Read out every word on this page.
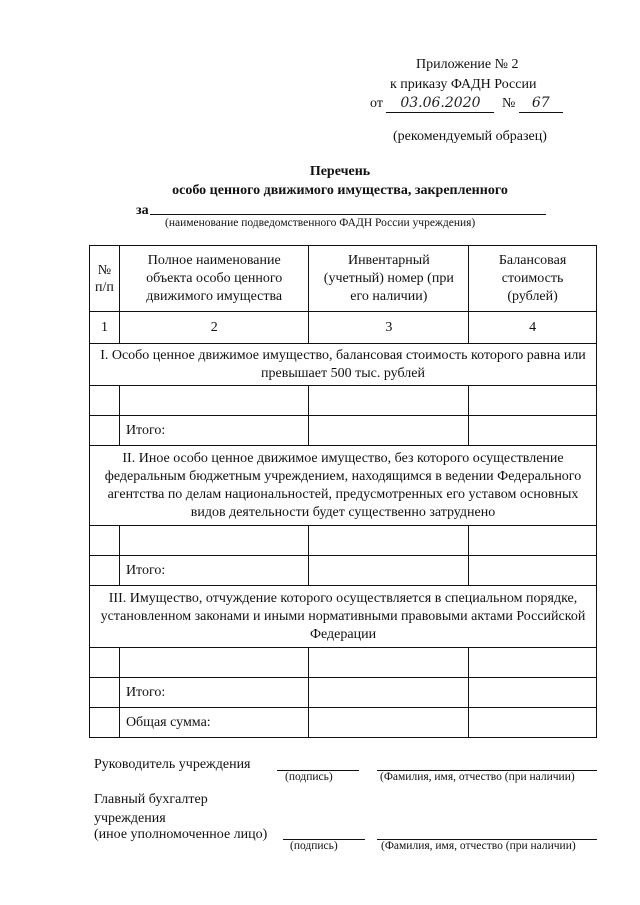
Приложение № 2
к приказу ФАДН России
от 03.06.2020 № 67
(рекомендуемый образец)
Перечень
особо ценного движимого имущества, закрепленного
за
(наименование подведомственного ФАДН России учреждения)
№ п/п	Полное наименование объекта особо ценного движимого имущества	Инвентарный (учетный) номер (при его наличии)	Балансовая стоимость (рублей)
1	2	3	4
I. Особо ценное движимое имущество, балансовая стоимость которого равна или превышает 500 тыс. рублей			

	Итого:		
II. Иное особо ценное движимое имущество, без которого осуществление федеральным бюджетным учреждением, находящимся в ведении Федерального агентства по делам национальностей, предусмотренных его уставом основных видов деятельности будет существенно затруднено			

	Итого:		
III. Имущество, отчуждение которого осуществляется в специальном порядке, установленном законами и иными нормативными правовыми актами Российской Федерации			

	Итого:		
	Общая сумма:		
Руководитель учреждения
(подпись)	(Фамилия, имя, отчество (при наличии)
Главный бухгалтер
учреждения
(иное уполномоченное лицо)
(подпись)	(Фамилия, имя, отчество (при наличии)
